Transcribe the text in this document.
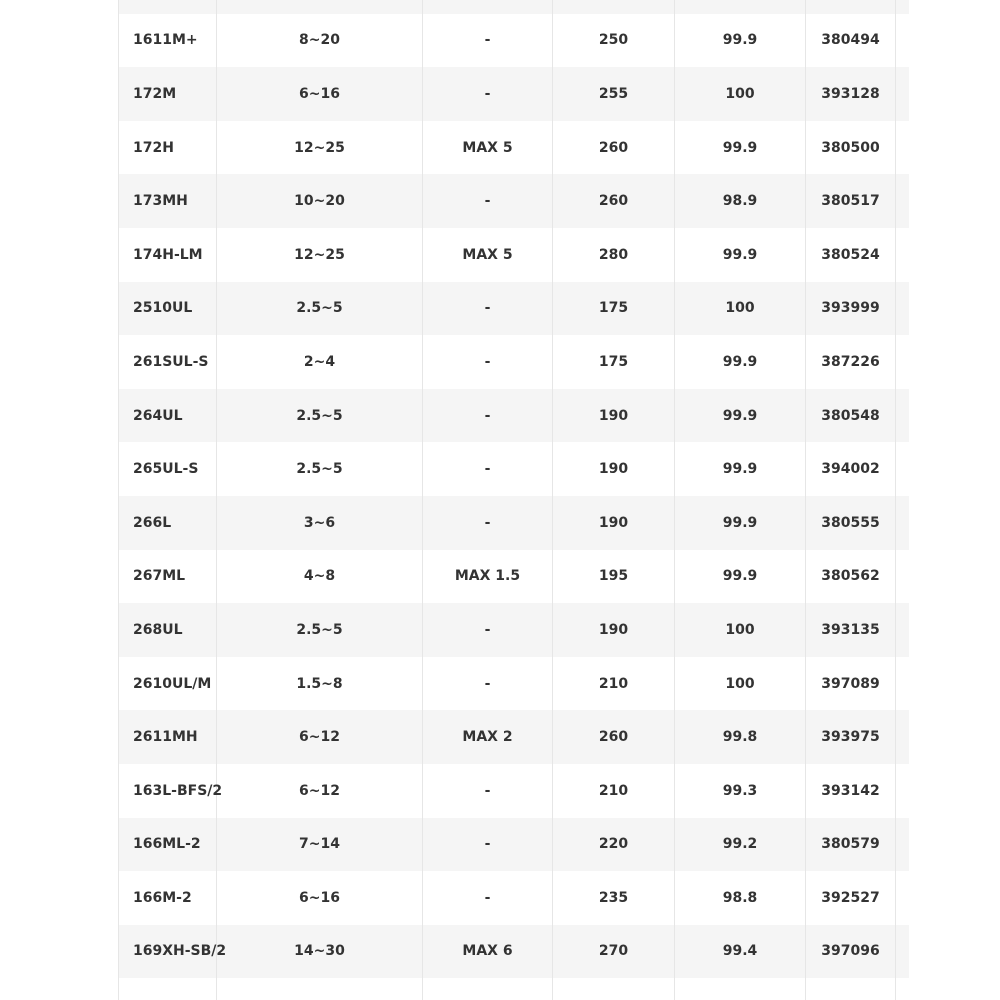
1611M+	8~20	-	250	99.9	380494	
172M	6~16	-	255	100	393128	
172H	12~25	MAX 5	260	99.9	380500	
173MH	10~20	-	260	98.9	380517	
174H-LM	12~25	MAX 5	280	99.9	380524	
2510UL	2.5~5	-	175	100	393999	
261SUL-S	2~4	-	175	99.9	387226	
264UL	2.5~5	-	190	99.9	380548	
265UL-S	2.5~5	-	190	99.9	394002	
266L	3~6	-	190	99.9	380555	
267ML	4~8	MAX 1.5	195	99.9	380562	
268UL	2.5~5	-	190	100	393135	
2610UL/M	1.5~8	-	210	100	397089	
2611MH	6~12	MAX 2	260	99.8	393975	
163L-BFS/2	6~12	-	210	99.3	393142	
166ML-2	7~14	-	220	99.2	380579	
166M-2	6~16	-	235	98.8	392527	
169XH-SB/2	14~30	MAX 6	270	99.4	397096	
